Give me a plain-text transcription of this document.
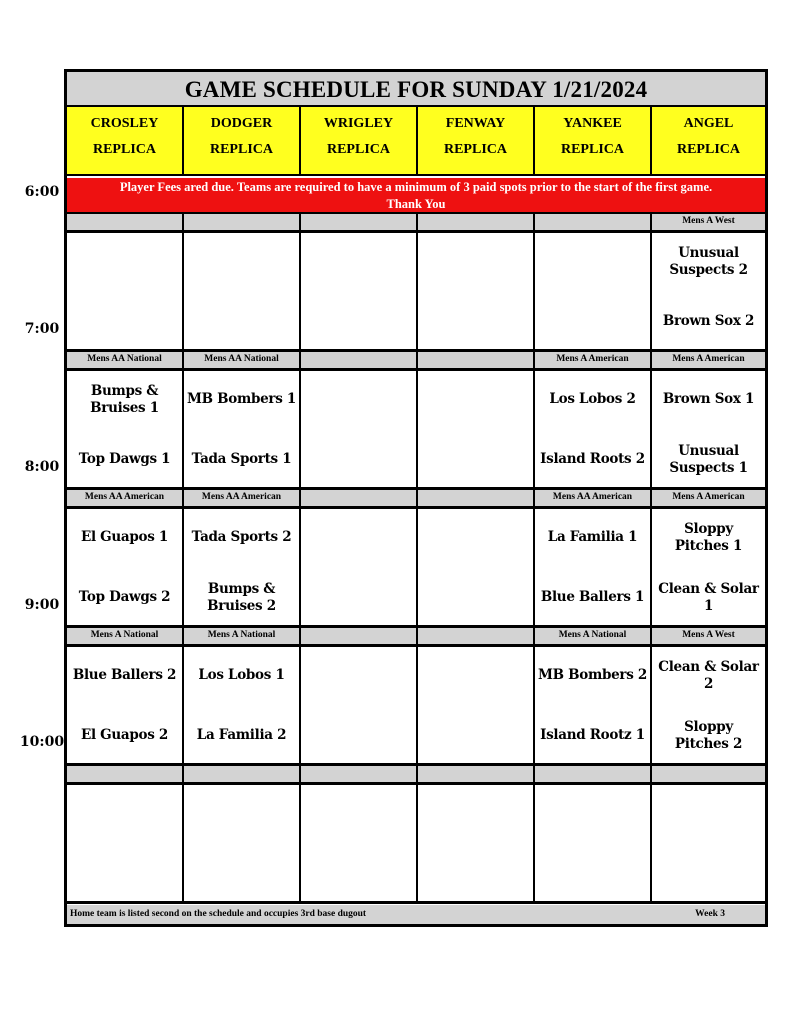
6:00
7:00
8:00
9:00
10:00
GAME SCHEDULE FOR SUNDAY 1/21/2024
CROSLEY
REPLICA
DODGER
REPLICA
WRIGLEY
REPLICA
FENWAY
REPLICA
YANKEE
REPLICA
ANGEL
REPLICA
Player Fees ared due. Teams are required to have a minimum of 3 paid spots prior to the start of the first game.
Thank You
Mens A West
Unusual Suspects 2
Brown Sox 2
Mens AA National
Bumps & Bruises 1
Top Dawgs 1
Mens AA National
MB Bombers 1
Tada Sports 1
Mens A American
Los Lobos 2
Island Roots 2
Mens A American
Brown Sox 1
Unusual Suspects 1
Mens AA American
El Guapos 1
Top Dawgs 2
Mens AA American
Tada Sports 2
Bumps & Bruises 2
Mens AA American
La Familia 1
Blue Ballers 1
Mens A American
Sloppy Pitches 1
Clean & Solar 1
Mens A National
Blue Ballers 2
El Guapos 2
Mens A National
Los Lobos 1
La Familia 2
Mens A National
MB Bombers 2
Island Rootz 1
Mens A West
Clean & Solar 2
Sloppy Pitches 2
Home team is listed second on the schedule and occupies 3rd base dugout	Week 3
